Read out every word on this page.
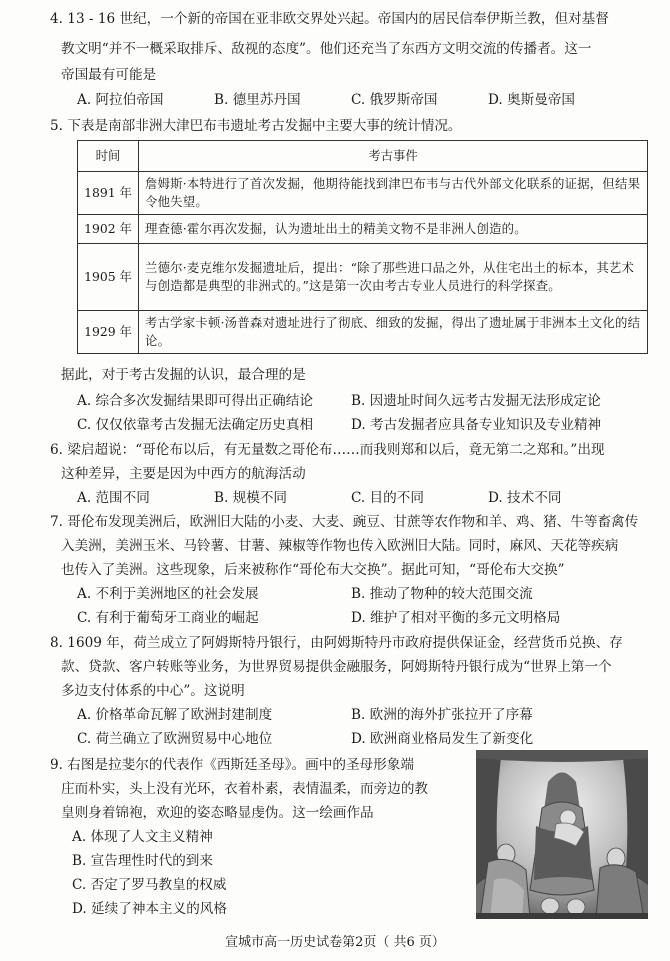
4. 13 - 16 世纪，一个新的帝国在亚非欧交界处兴起。帝国内的居民信奉伊斯兰教，但对基督
教文明“并不一概采取排斥、敌视的态度”。他们还充当了东西方文明交流的传播者。这一
帝国最有可能是
A. 阿拉伯帝国	B. 德里苏丹国	C. 俄罗斯帝国	D. 奥斯曼帝国
5. 下表是南部非洲大津巴布韦遗址考古发掘中主要大事的统计情况。
时间	考古事件
1891 年	詹姆斯·本特进行了首次发掘，他期待能找到津巴布韦与古代外部文化联系的证据，但结果令他失望。
1902 年	理查德·霍尔再次发掘，认为遗址出土的精美文物不是非洲人创造的。
1905 年	兰德尔·麦克维尔发掘遗址后，提出：“除了那些进口品之外，从住宅出土的标本，其艺术与创造都是典型的非洲式的。”这是第一次由考古专业人员进行的科学探查。
1929 年	考古学家卡顿·汤普森对遗址进行了彻底、细致的发掘，得出了遗址属于非洲本土文化的结论。
据此，对于考古发掘的认识，最合理的是
A. 综合多次发掘结果即可得出正确结论	B. 因遗址时间久远考古发掘无法形成定论
C. 仅仅依靠考古发掘无法确定历史真相	D. 考古发掘者应具备专业知识及专业精神
6. 梁启超说：“哥伦布以后，有无量数之哥伦布……而我则郑和以后，竟无第二之郑和。”出现
这种差异，主要是因为中西方的航海活动
A. 范围不同	B. 规模不同	C. 目的不同	D. 技术不同
7. 哥伦布发现美洲后，欧洲旧大陆的小麦、大麦、豌豆、甘蔗等农作物和羊、鸡、猪、牛等畜禽传
入美洲，美洲玉米、马铃薯、甘薯、辣椒等作物也传入欧洲旧大陆。同时，麻风、天花等疾病
也传入了美洲。这些现象，后来被称作“哥伦布大交换”。据此可知，“哥伦布大交换”
A. 不利于美洲地区的社会发展	B. 推动了物种的较大范围交流
C. 有利于葡萄牙工商业的崛起	D. 维护了相对平衡的多元文明格局
8. 1609 年，荷兰成立了阿姆斯特丹银行，由阿姆斯特丹市政府提供保证金，经营货币兑换、存
款、贷款、客户转账等业务，为世界贸易提供金融服务，阿姆斯特丹银行成为“世界上第一个
多边支付体系的中心”。这说明
A. 价格革命瓦解了欧洲封建制度	B. 欧洲的海外扩张拉开了序幕
C. 荷兰确立了欧洲贸易中心地位	D. 欧洲商业格局发生了新变化
9. 右图是拉斐尔的代表作《西斯廷圣母》。画中的圣母形象端
庄而朴实，头上没有光环，衣着朴素，表情温柔，而旁边的教
皇则身着锦袍，欢迎的姿态略显虔伪。这一绘画作品
A. 体现了人文主义精神
B. 宣告理性时代的到来
C. 否定了罗马教皇的权威
D. 延续了神本主义的风格
宣城市高一历史试卷第2页（ 共6 页）
